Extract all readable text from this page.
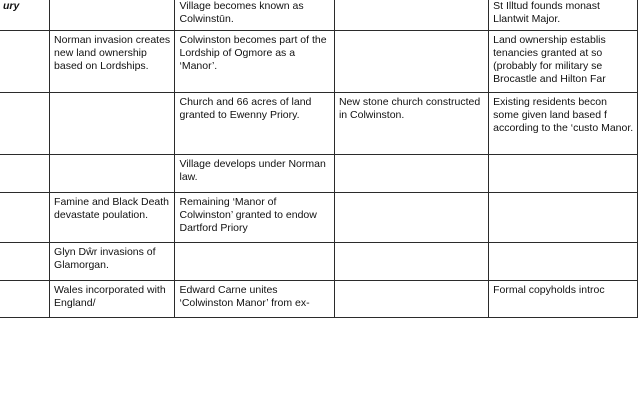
ury		Village becomes known as Colwinstūn.		St Illtud founds monast Llantwit Major.

	Norman invasion creates new land ownership based on Lordships.	Colwinston becomes part of the Lordship of Ogmore as a ‘Manor’.		Land ownership establis tenancies granted at so (probably for military se Brocastle and Hilton Far

		Church and 66 acres of land granted to Ewenny Priory.	New stone church constructed in Colwinston.	Existing residents becon some given land based f according to the ‘custo Manor.

		Village develops under Norman law.		

	Famine and Black Death devastate poulation.	Remaining ‘Manor of Colwinston’ granted to endow Dartford Priory		

	Glyn Dŵr invasions of Glamorgan.			

	Wales incorporated with England/	Edward Carne unites ‘Colwinston Manor’ from ex-		Formal copyholds introc
